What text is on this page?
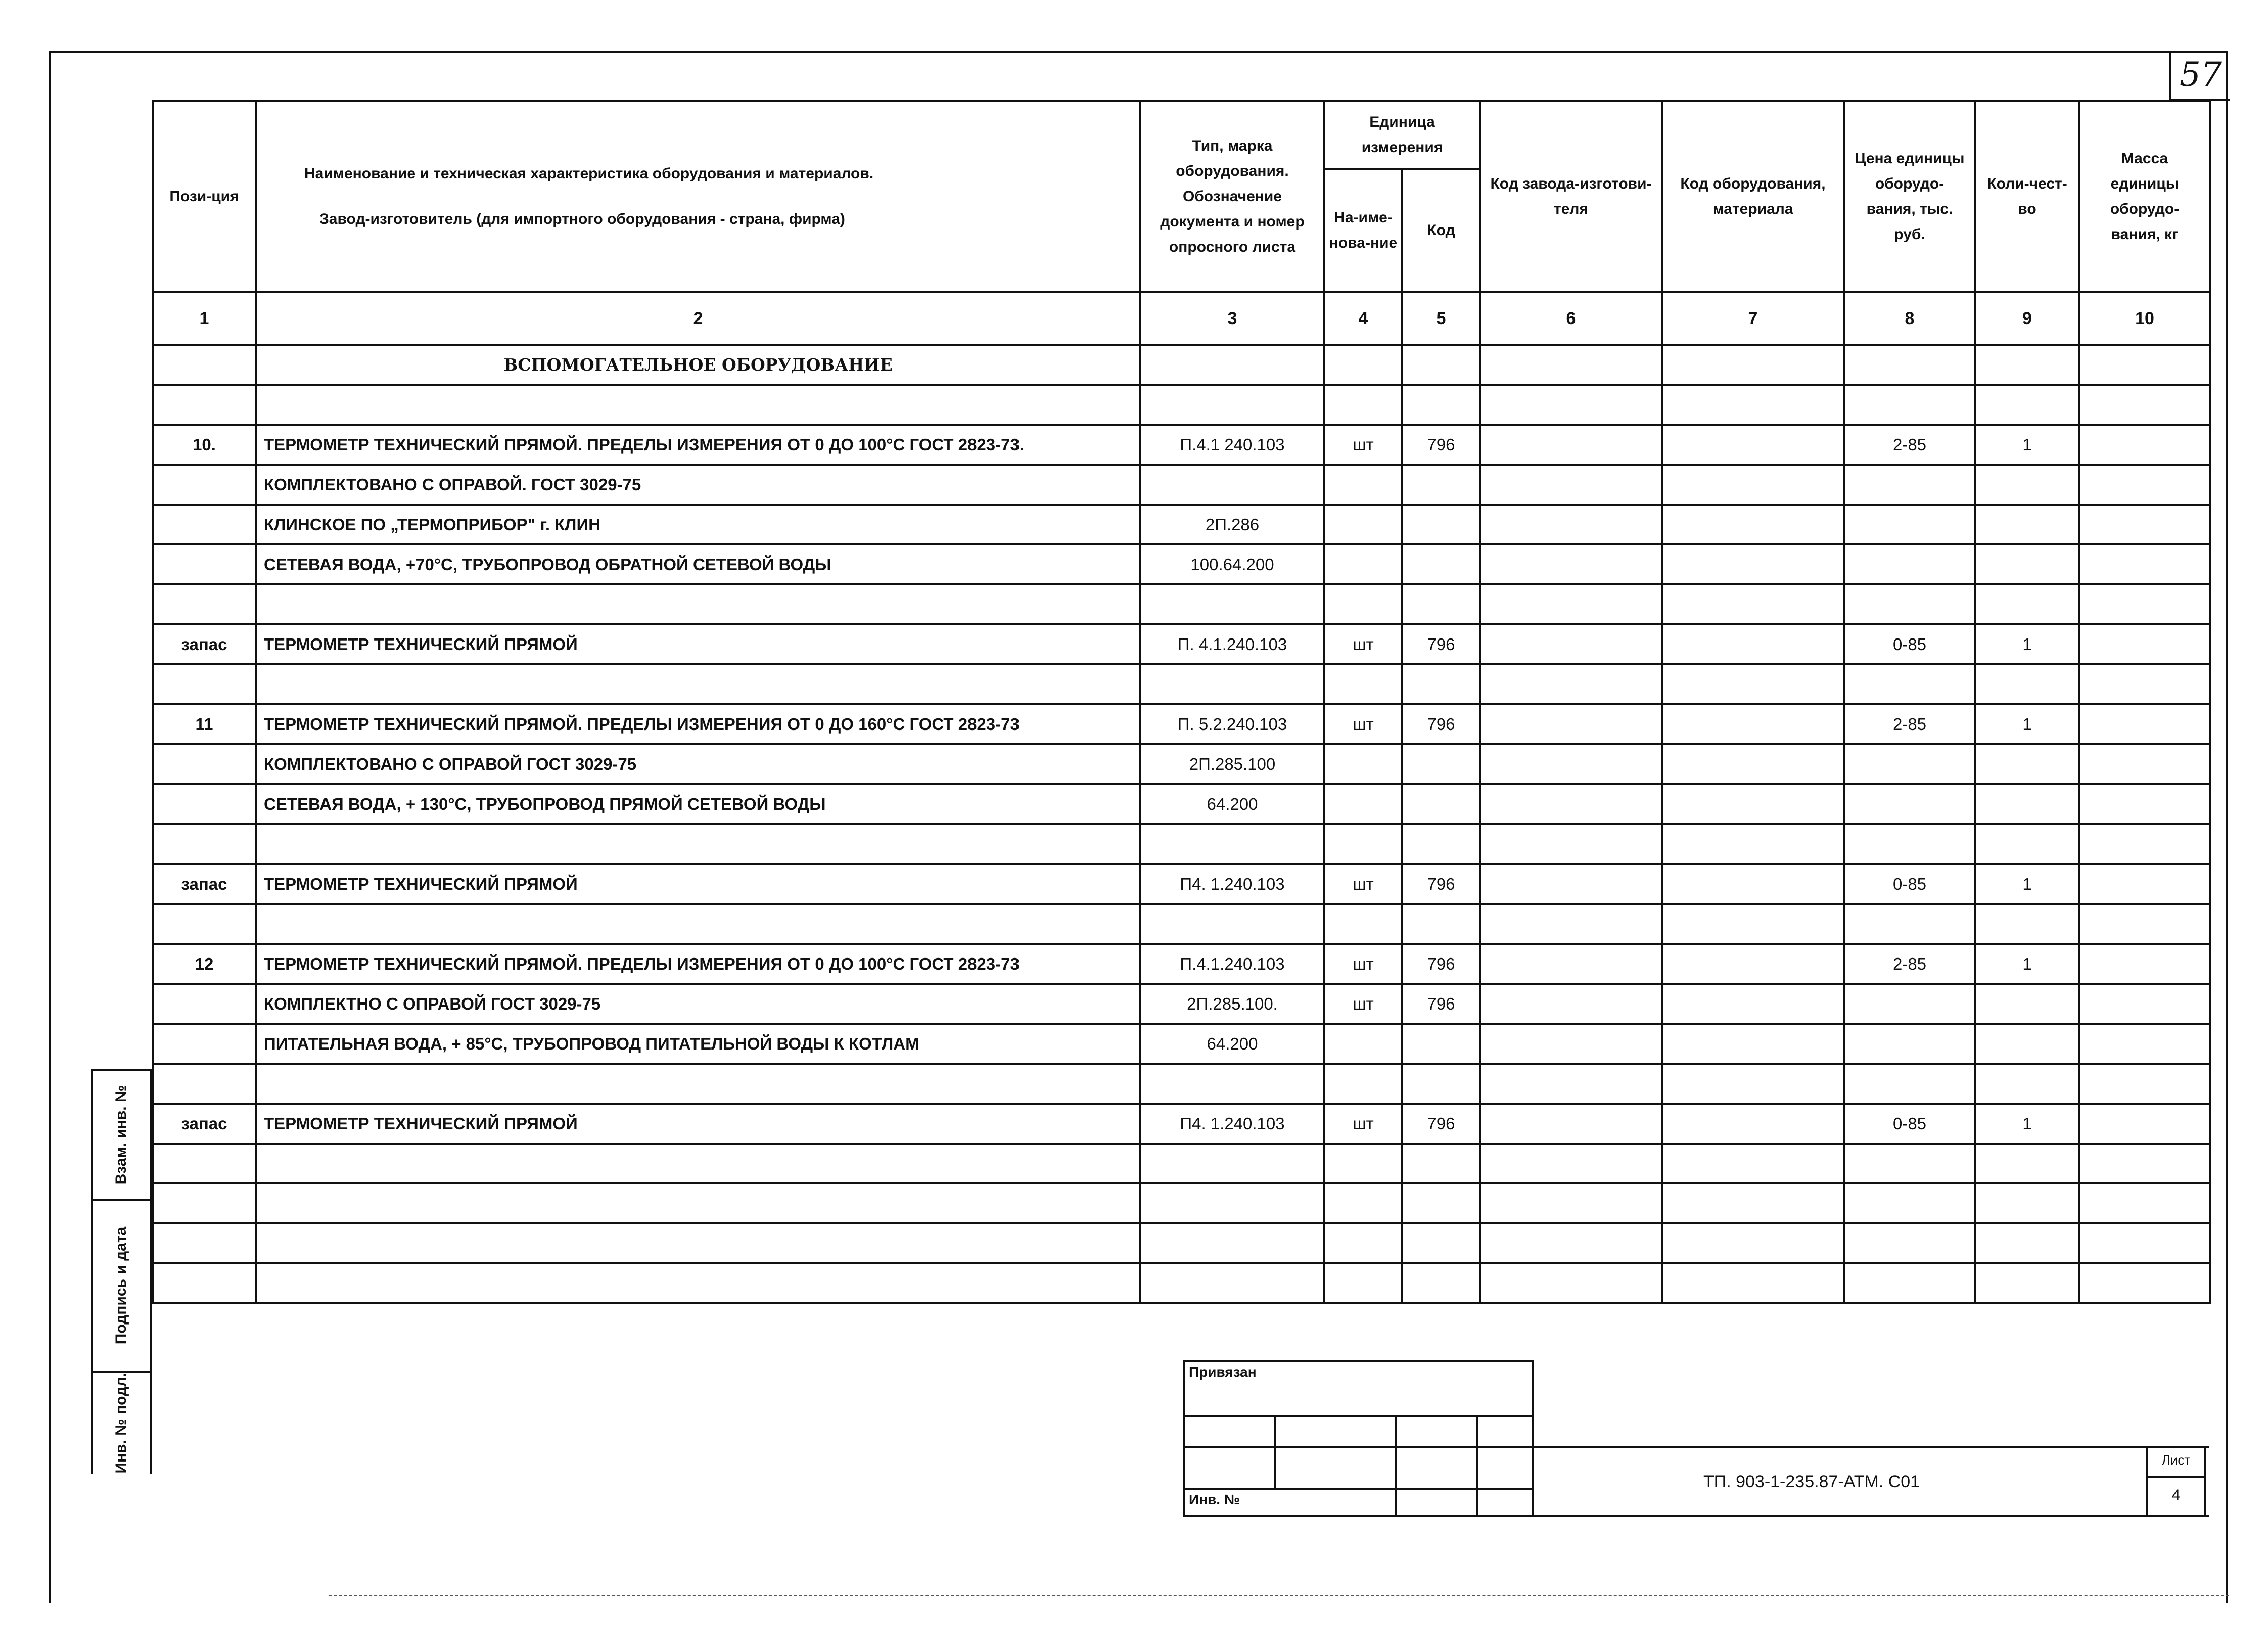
57
Пози-ция	Наименование и техническая характеристика оборудования и материалов.
Завод-изготовитель (для импортного оборудования - страна, фирма)	Тип, марка оборудования. Обозначение документа и номер опросного листа	Единица измерения		Код завода-изготови-теля	Код оборудования, материала	Цена единицы оборудо-вания, тыс. руб.	Коли-чест-во	Масса единицы оборудо-вания, кг
			На-име-нова-ние	Код					
1	2	3	4	5	6	7	8	9	10
	ВСПОМОГАТЕЛЬНОЕ ОБОРУДОВАНИЕ								

10.	ТЕРМОМЕТР ТЕХНИЧЕСКИЙ ПРЯМОЙ. ПРЕДЕЛЫ ИЗМЕРЕНИЯ ОТ 0 ДО 100°С ГОСТ 2823-73.	П.4.1 240.103	шт	796			2-85	1	
	КОМПЛЕКТОВАНО С ОПРАВОЙ. ГОСТ 3029-75								
	КЛИНСКОЕ ПО „ТЕРМОПРИБОР" г. КЛИН	2П.286							
	СЕТЕВАЯ ВОДА, +70°С, ТРУБОПРОВОД ОБРАТНОЙ СЕТЕВОЙ ВОДЫ	100.64.200							

запас	ТЕРМОМЕТР ТЕХНИЧЕСКИЙ ПРЯМОЙ	П. 4.1.240.103	шт	796			0-85	1	

11	ТЕРМОМЕТР ТЕХНИЧЕСКИЙ ПРЯМОЙ. ПРЕДЕЛЫ ИЗМЕРЕНИЯ ОТ 0 ДО 160°С ГОСТ 2823-73	П. 5.2.240.103	шт	796			2-85	1	
	КОМПЛЕКТОВАНО С ОПРАВОЙ ГОСТ 3029-75	2П.285.100							
	СЕТЕВАЯ ВОДА, + 130°С, ТРУБОПРОВОД ПРЯМОЙ СЕТЕВОЙ ВОДЫ	64.200							

запас	ТЕРМОМЕТР ТЕХНИЧЕСКИЙ ПРЯМОЙ	П4. 1.240.103	шт	796			0-85	1	

12	ТЕРМОМЕТР ТЕХНИЧЕСКИЙ ПРЯМОЙ. ПРЕДЕЛЫ ИЗМЕРЕНИЯ ОТ 0 ДО 100°С ГОСТ 2823-73	П.4.1.240.103	шт	796			2-85	1	
	КОМПЛЕКТНО С ОПРАВОЙ ГОСТ 3029-75	2П.285.100.	шт	796					
	ПИТАТЕЛЬНАЯ ВОДА, + 85°С, ТРУБОПРОВОД ПИТАТЕЛЬНОЙ ВОДЫ К КОТЛАМ	64.200							

запас	ТЕРМОМЕТР ТЕХНИЧЕСКИЙ ПРЯМОЙ	П4. 1.240.103	шт	796			0-85	1	

Привязан			

Инв. №			
ТП. 903-1-235.87-АТМ. С01
Лист
4
Взам. инв. №
Подпись и дата
Инв. № подл.
